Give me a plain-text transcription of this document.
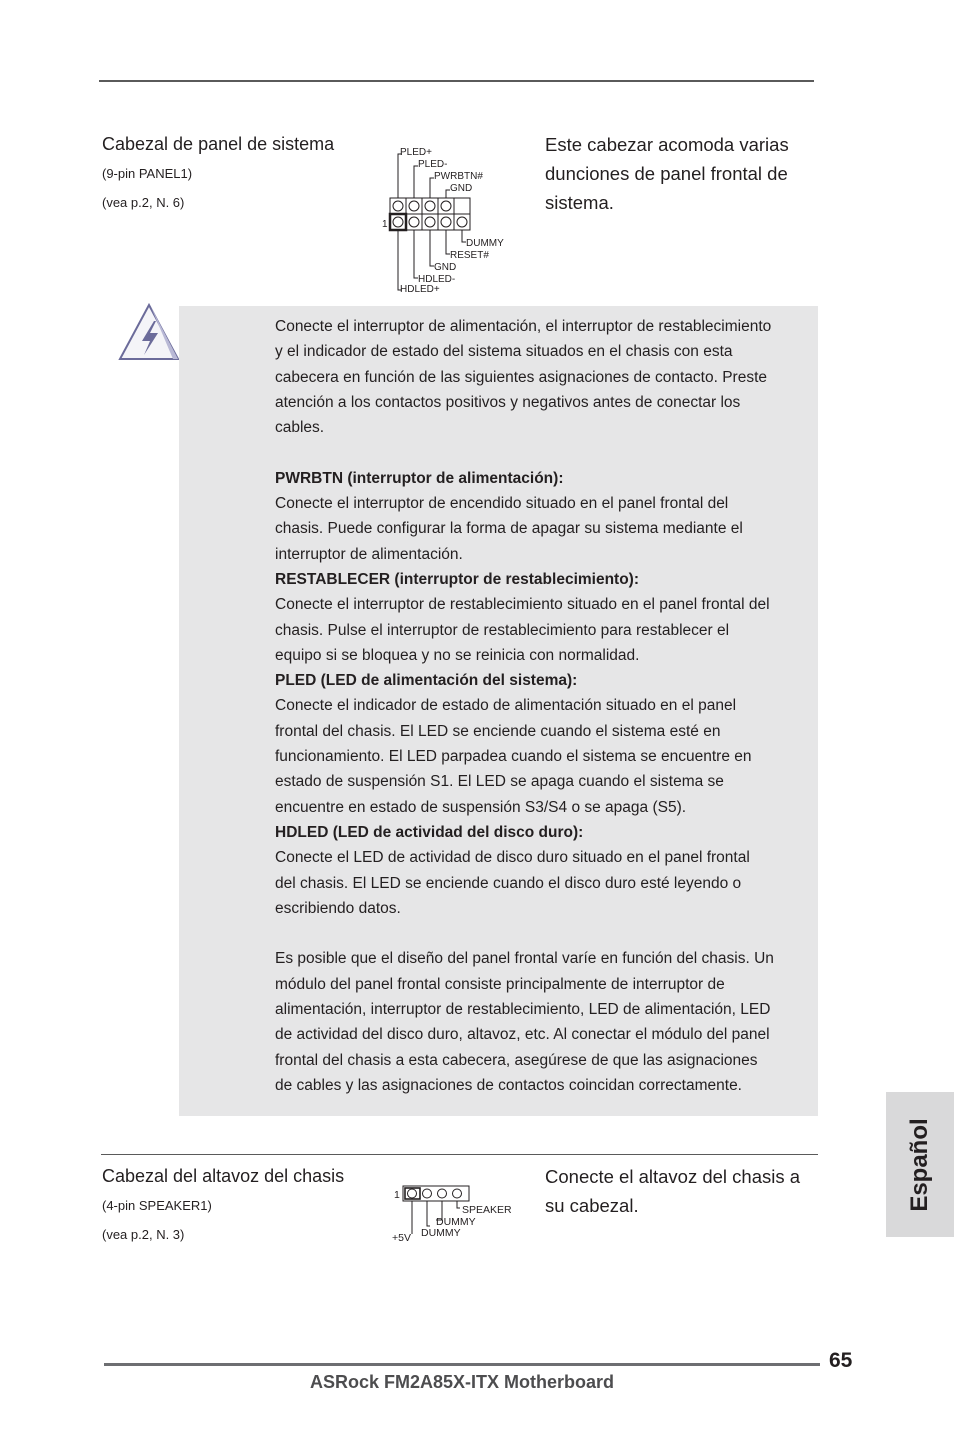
Cabezal de panel de sistema
(9-pin PANEL1)
(vea p.2, N. 6)
1
PLED+
PLED-
PWRBTN#
GND
DUMMY
RESET#
GND
HDLED-
HDLED+
Este cabezar acomoda varias
dunciones de panel frontal de
sistema.

Conecte el interruptor de alimentación, el interruptor de restablecimiento

y el indicador de estado del sistema situados en el chasis con esta

cabecera en función de las siguientes asignaciones de contacto. Preste

atención a los contactos positivos y negativos antes de conectar los

cables.

PWRBTN (interruptor de alimentación):

Conecte el interruptor de encendido situado en el panel frontal del

chasis. Puede configurar la forma de apagar su sistema mediante el

interruptor de alimentación.

RESTABLECER (interruptor de restablecimiento):

Conecte el interruptor de restablecimiento situado en el panel frontal del

chasis. Pulse el interruptor de restablecimiento para restablecer el

equipo si se bloquea y no se reinicia con normalidad.

PLED (LED de alimentación del sistema):

Conecte el indicador de estado de alimentación situado en el panel

frontal del chasis. El LED se enciende cuando el sistema esté en

funcionamiento. El LED parpadea cuando el sistema se encuentre en

estado de suspensión S1. El LED se apaga cuando el sistema se

encuentre en estado de suspensión S3/S4 o se apaga (S5).

HDLED (LED de actividad del disco duro):

Conecte el LED de actividad de disco duro situado en el panel frontal

del chasis. El LED se enciende cuando el disco duro esté leyendo o

escribiendo datos.

Es posible que el diseño del panel frontal varíe en función del chasis. Un

módulo del panel frontal consiste principalmente de interruptor de

alimentación, interruptor de restablecimiento, LED de alimentación, LED

de actividad del disco duro, altavoz, etc. Al conectar el módulo del panel

frontal del chasis a esta cabecera, asegúrese de que las asignaciones

de cables y las asignaciones de contactos coincidan correctamente.

Cabezal del altavoz del chasis
(4-pin SPEAKER1)
(vea p.2, N. 3)
1
SPEAKER
DUMMY
DUMMY
+5V
Conecte el altavoz del chasis a
su cabezal.	Español
65
ASRock FM2A85X-ITX Motherboard
